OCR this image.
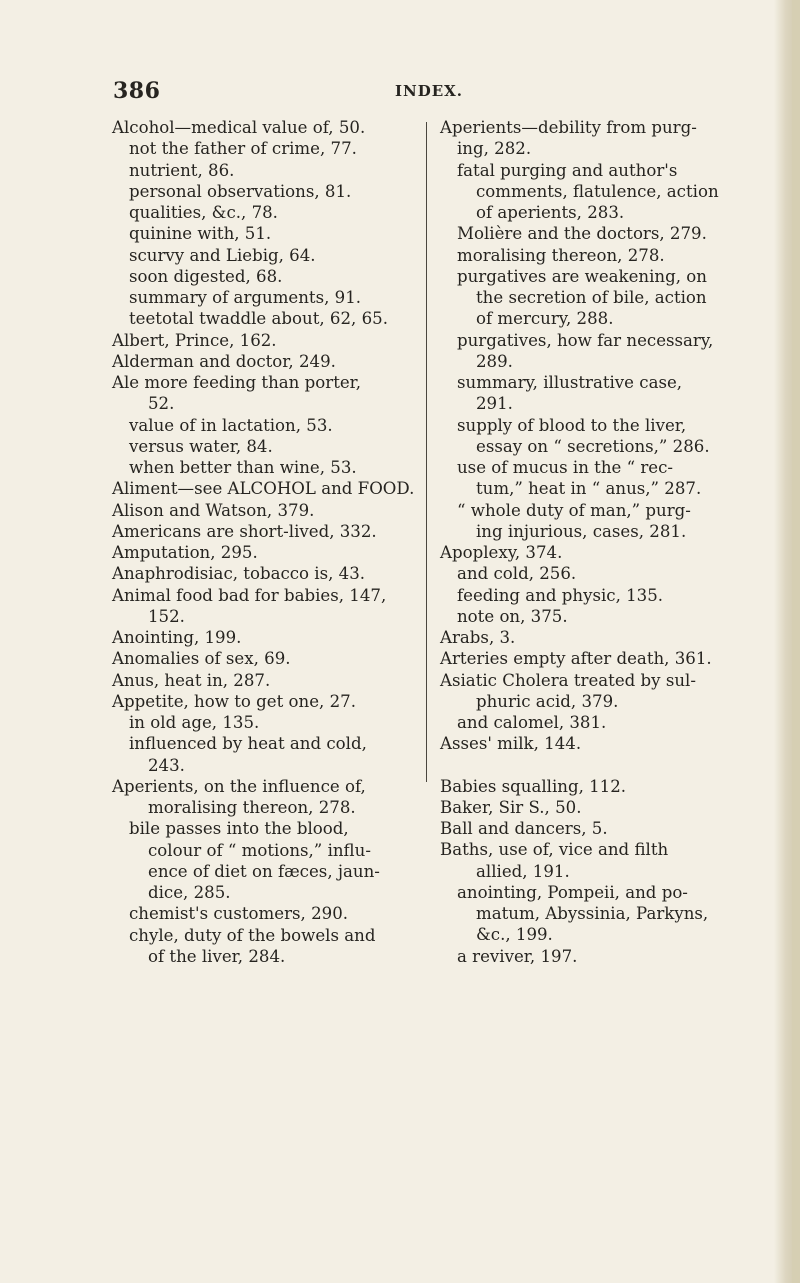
386	INDEX.
Alcohol—medical value of, 50.
not the father of crime, 77.
nutrient, 86.
personal observations, 81.
qualities, &c., 78.
quinine with, 51.
scurvy and Liebig, 64.
soon digested, 68.
summary of arguments, 91.
teetotal twaddle about, 62, 65.
Albert, Prince, 162.
Alderman and doctor, 249.
Ale more feeding than porter,
52.
value of in lactation, 53.
versus water, 84.
when better than wine, 53.
Aliment—see ALCOHOL and FOOD.
Alison and Watson, 379.
Americans are short-lived, 332.
Amputation, 295.
Anaphrodisiac, tobacco is, 43.
Animal food bad for babies, 147,
152.
Anointing, 199.
Anomalies of sex, 69.
Anus, heat in, 287.
Appetite, how to get one, 27.
in old age, 135.
influenced by heat and cold,
243.
Aperients, on the influence of,
moralising thereon, 278.
bile passes into the blood,
colour of “ motions,” influ-
ence of diet on fæces, jaun-
dice, 285.
chemist's customers, 290.
chyle, duty of the bowels and
of the liver, 284.
Aperients—debility from purg-
ing, 282.
fatal purging and author's
comments, flatulence, action
of aperients, 283.
Molière and the doctors, 279.
moralising thereon, 278.
purgatives are weakening, on
the secretion of bile, action
of mercury, 288.
purgatives, how far necessary,
289.
summary, illustrative case,
291.
supply of blood to the liver,
essay on “ secretions,” 286.
use of mucus in the “ rec-
tum,” heat in “ anus,” 287.
“ whole duty of man,” purg-
ing injurious, cases, 281.
Apoplexy, 374.
and cold, 256.
feeding and physic, 135.
note on, 375.
Arabs, 3.
Arteries empty after death, 361.
Asiatic Cholera treated by sul-
phuric acid, 379.
and calomel, 381.
Asses' milk, 144.
Babies squalling, 112.
Baker, Sir S., 50.
Ball and dancers, 5.
Baths, use of, vice and filth
allied, 191.
anointing, Pompeii, and po-
matum, Abyssinia, Parkyns,
&c., 199.
a reviver, 197.
